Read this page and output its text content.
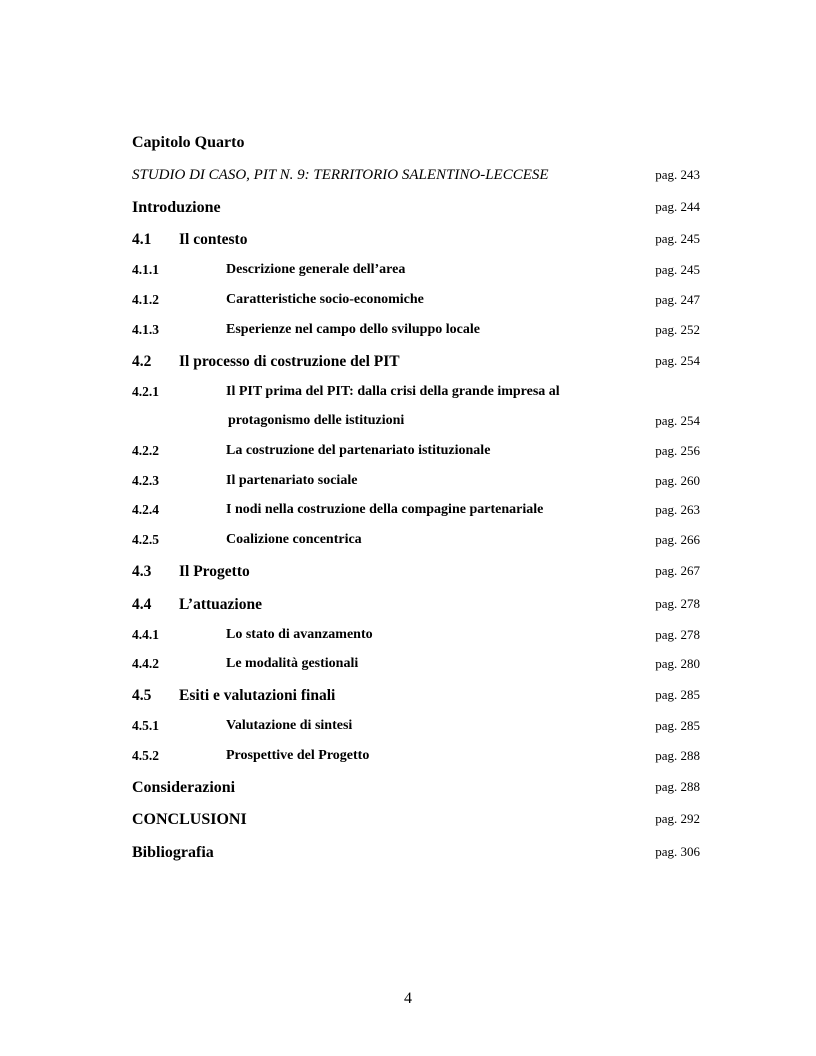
Capitolo Quarto
STUDIO DI CASO, PIT N. 9: TERRITORIO SALENTINO-LECCESE	pag. 243
Introduzione	pag. 244
4.1 Il contesto	pag. 245
4.1.1	Descrizione generale dell’area	pag. 245
4.1.2	Caratteristiche socio-economiche	pag. 247
4.1.3	Esperienze nel campo dello sviluppo locale	pag. 252
4.2 Il processo di costruzione del PIT	pag. 254
4.2.1	Il PIT prima del PIT: dalla crisi della grande impresa al
protagonismo delle istituzioni	pag. 254
4.2.2	La costruzione del partenariato istituzionale	pag. 256
4.2.3	Il partenariato sociale	pag. 260
4.2.4	I nodi nella costruzione della compagine partenariale	pag. 263
4.2.5	Coalizione concentrica	pag. 266
4.3 Il Progetto	pag. 267
4.4 L’attuazione	pag. 278
4.4.1	Lo stato di avanzamento	pag. 278
4.4.2	Le modalità gestionali	pag. 280
4.5 Esiti e valutazioni finali	pag. 285
4.5.1	Valutazione di sintesi	pag. 285
4.5.2	Prospettive del Progetto	pag. 288
Considerazioni	pag. 288
CONCLUSIONI	pag. 292
Bibliografia	pag. 306
4
